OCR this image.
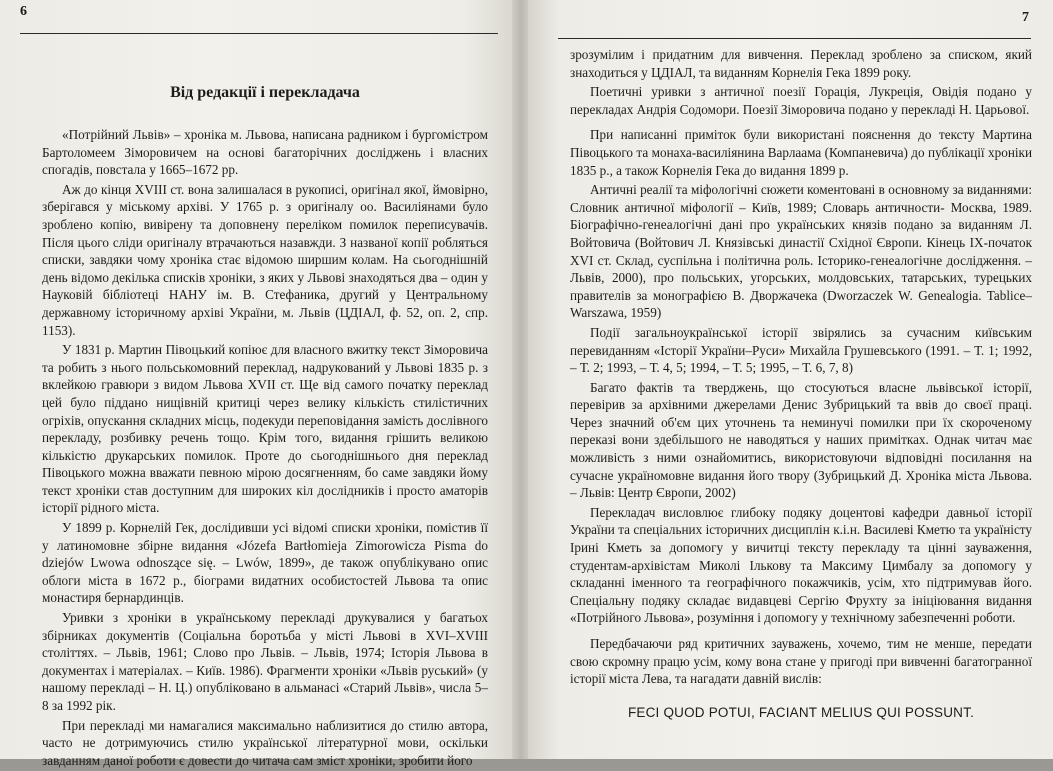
6
Від редакції і перекладача

«Потрійний Львів» – хроніка м. Львова, написана радником і бургомістром Бартоломеем Зіморовичем на основі багаторічних досліджень і власних спогадів, повстала у 1665–1672 рр.

Аж до кінця XVIII ст. вона залишалася в рукописі, оригінал якої, ймовірно, зберігався у міському архіві. У 1765 р. з оригіналу оо. Василіянами було зроблено копію, вивірену та доповнену переліком помилок переписувачів. Після цього сліди оригіналу втрачаються назавжди. З названої копії робляться списки, завдяки чому хроніка стає відомою ширшим колам. На сьогоднішній день відомо декілька списків хроніки, з яких у Львові знаходяться два – один у Науковій бібліотеці НАНУ ім. В. Стефаника, другий у Центральному державному історичному архіві України, м. Львів (ЦДІАЛ, ф. 52, оп. 2, спр. 1153).

У 1831 р. Мартин Півоцький копіює для власного вжитку текст Зіморовича та робить з нього польськомовний переклад, надрукований у Львові 1835 р. з вклейкою гравюри з видом Львова XVII ст. Ще від самого початку переклад цей було піддано нищівній критиці через велику кількість стилістичних огріхів, опускання складних місць, подекуди переповідання замість дослівного перекладу, розбивку речень тощо. Крім того, видання грішить великою кількістю друкарських помилок. Проте до сьогоднішнього дня переклад Півоцького можна вважати певною мірою досягненням, бо саме завдяки йому текст хроніки став доступним для широких кіл дослідників і просто аматорів історії рідного міста.

У 1899 р. Корнелій Гек, дослідивши усі відомі списки хроніки, помістив її у латиномовне збірне видання «Józefa Bartłomieja Zimorowicza Pisma do dziejów Lwowa odnoszące się. – Lwów, 1899», де також опублікувано опис облоги міста в 1672 р., біограми видатних особистостей Львова та опис монастиря бернардинців.

Уривки з хроніки в українському перекладі друкувалися у багатьох збірниках документів (Соціальна боротьба у місті Львові в XVI–XVIII століттях. – Львів, 1961; Слово про Львів. – Львів, 1974; Історія Львова в документах і матеріалах. – Київ. 1986). Фрагменти хроніки «Львів руський» (у нашому перекладі – Н. Ц.) опубліковано в альманасі «Старий Львів», числа 5–8 за 1992 рік.

При перекладі ми намагалися максимально наблизитися до стилю автора, часто не дотримуючись стилю української літературної мови, оскільки завданням даної роботи є довести до читача сам зміст хроніки, зробити його

7

зрозумілим і придатним для вивчення. Переклад зроблено за списком, який знаходиться у ЦДІАЛ, та виданням Корнелія Гека 1899 року.

Поетичні уривки з античної поезії Горація, Лукреція, Овідія подано у перекладах Андрія Содомори. Поезії Зіморовича подано у перекладі Н. Царьової.

При написанні приміток були використані пояснення до тексту Мартина Півоцького та монаха-василіянина Варлаама (Компаневича) до публікації хроніки 1835 р., а також Корнелія Гека до видання 1899 р.

Античні реалії та міфологічні сюжети коментовані в основному за виданнями: Словник античної міфології – Київ, 1989; Словарь античности- Москва, 1989. Біографічно-генеалогічні дані про українських князів подано за виданням Л. Войтовича (Войтович Л. Князівські династії Східної Європи. Кінець IX-початок XVI ст. Склад, суспільна і політична роль. Історико-генеалогічне дослідження. – Львів, 2000), про польських, угорських, молдовських, татарських, турецьких правителів за монографією В. Дворжачека (Dworzaczek W. Genealogia. Tablice–Warszawa, 1959)

Події загальноукраїнської історії звірялись за сучасним київським перевиданням «Історії України–Руси» Михайла Грушевського (1991. – Т. 1; 1992, – Т. 2; 1993, – Т. 4, 5; 1994, – Т. 5; 1995, – Т. 6, 7, 8)

Багато фактів та тверджень, що стосуються власне львівської історії, перевірив за архівними джерелами Денис Зубрицький та ввів до своєї праці. Через значний об'єм цих уточнень та неминучі помилки при їх скороченому переказі вони здебільшого не наводяться у наших примітках. Однак читач має можливість з ними ознайомитись, використовуючи відповідні посилання на сучасне україномовне видання його твору (Зубрицький Д. Хроніка міста Львова. – Львів: Центр Європи, 2002)

Перекладач висловлює глибоку подяку доцентові кафедри давньої історії України та спеціальних історичних дисциплін к.і.н. Василеві Кметю та україністу Ірині Кметь за допомогу у вичитці тексту перекладу та цінні зауваження, студентам-архівістам Миколі Ількову та Максиму Цимбалу за допомогу у складанні іменного та географічного покажчиків, усім, хто підтримував його. Спеціальну подяку складає видавцеві Сергію Фрухту за ініціювання видання «Потрійного Львова», розуміння і допомогу у технічному забезпеченні роботи.

Передбачаючи ряд критичних зауважень, хочемо, тим не менше, передати свою скромну працю усім, кому вона стане у пригоді при вивченні багатогранної історії міста Лева, та нагадати давній вислів:

FECI QUOD POTUI, FACIANT MELIUS QUI POSSUNT.
